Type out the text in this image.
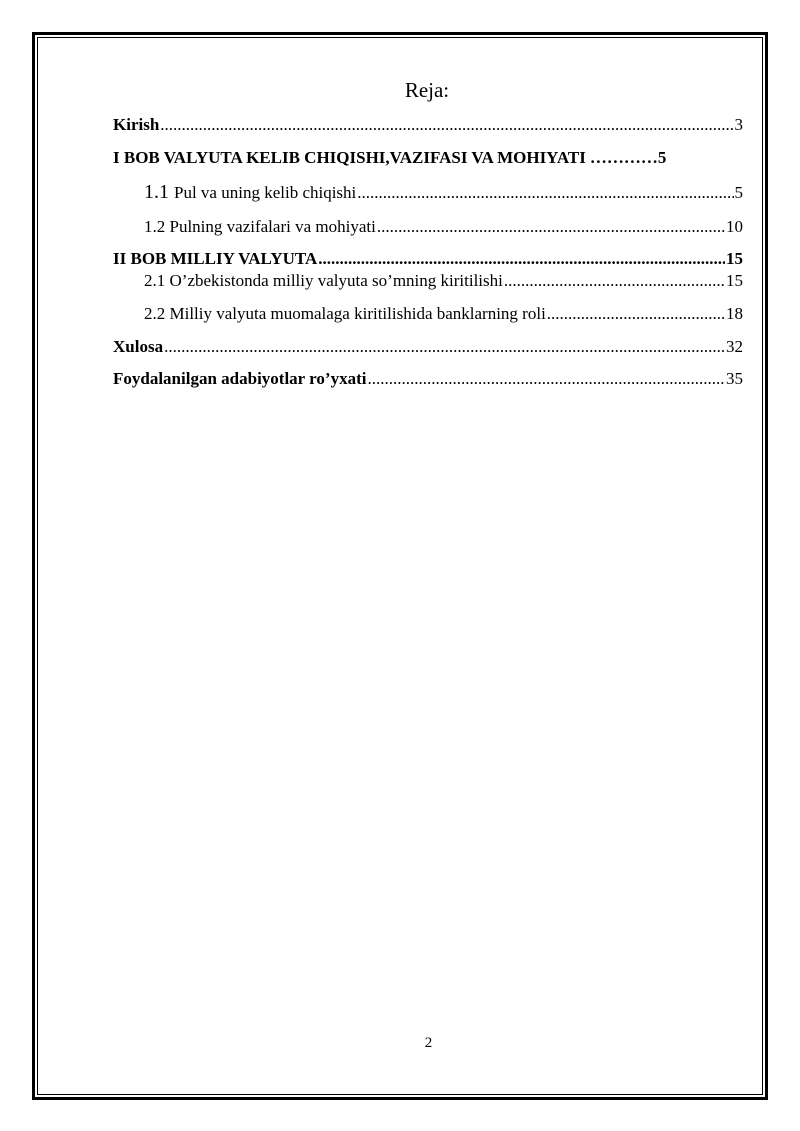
Reja:
Kirish .....	3
I BOB VALYUTA KELIB CHIQISHI,VAZIFASI VA MOHIYATI ………… 5
1.1 Pul va uning kelib chiqishi .....	5
1.2 Pulning vazifalari va mohiyati .....	10
II BOB MILLIY VALYUTA .....	15
2.1 O’zbekistonda milliy valyuta so’mning kiritilishi .....	15
2.2 Milliy valyuta muomalaga kiritilishida banklarning roli .....	18
Xulosa .....	32
Foydalanilgan adabiyotlar ro’yxati .....	35
2
